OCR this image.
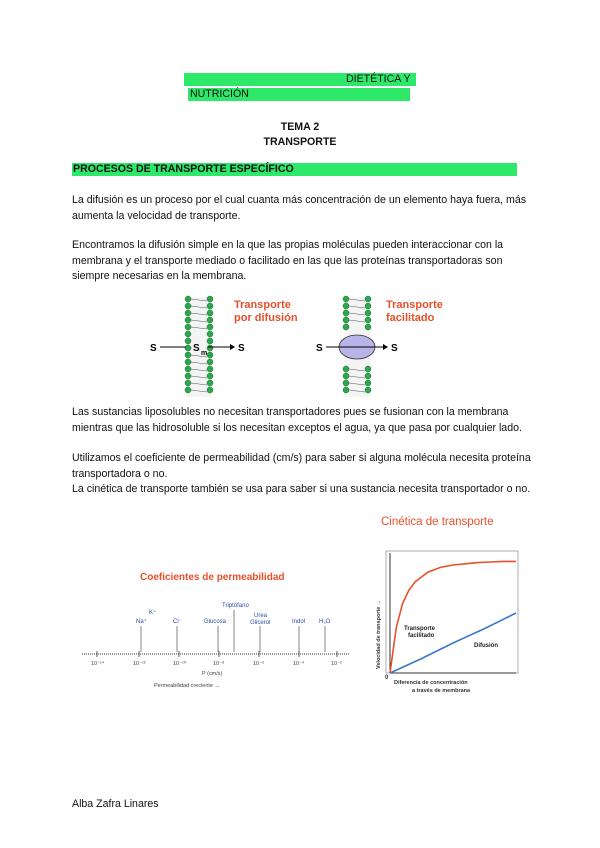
DIETÉTICA Y
NUTRICIÓN
TEMA 2
TRANSPORTE
PROCESOS DE TRANSPORTE ESPECÍFICO
La difusión es un proceso por el cual cuanta más concentración de un elemento haya fuera, más aumenta la velocidad de transporte.
Encontramos la difusión simple en la que las propias moléculas pueden interaccionar con la membrana y el transporte mediado o facilitado en las que las proteínas transportadoras son siempre necesarias en la membrana.
S	S m	S
Transporte
por difusión
S	S
Transporte
facilitado
Las sustancias liposolubles no necesitan transportadores pues se fusionan con la membrana mientras que las hidrosoluble si los necesitan exceptos el agua, ya que pasa por cualquier lado.
Utilizamos el coeficiente de permeabilidad (cm/s) para saber si alguna molécula necesita proteína transportadora o no.
La cinética de transporte también se usa para saber si una sustancia necesita transportador o no.
Coeficientes de permeabilidad
10⁻¹⁴	10⁻¹²	10⁻¹⁰	10⁻⁸	10⁻⁶	10⁻⁴	10⁻²
P (cm/s)
Permeabilidad creciente →
K⁺
Na⁺	Cl⁻	Glucosa
Triptófano
Urea
Glicerol	Indol H₂O
Cinética de transporte
Velocidad de transporte →
0
Diferencia de concentración
a través de membrana
Transporte
facilitado
Difusión
Alba Zafra Linares
